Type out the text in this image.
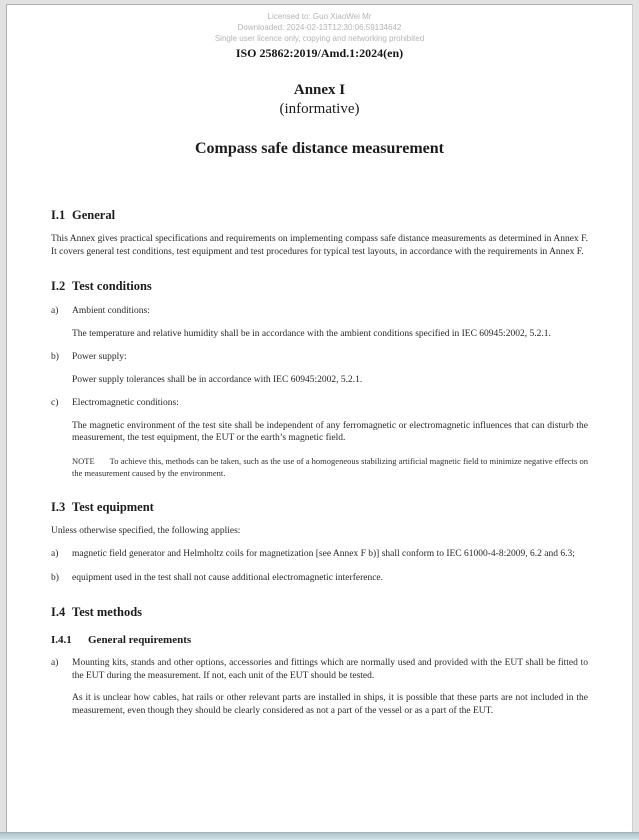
Licensed to: Guo XiaoWei Mr
Downloaded: 2024-02-13T12:30:06.59134642
Single user licence only, copying and networking prohibited
ISO 25862:2019/Amd.1:2024(en)
Annex I
(informative)
Compass safe distance measurement
I.1 General

This Annex gives practical specifications and requirements on implementing compass safe distance measurements as determined in Annex F. It covers general test conditions, test equipment and test procedures for typical test layouts, in accordance with the requirements in Annex F.

I.2 Test conditions
a)	Ambient conditions:

The temperature and relative humidity shall be in accordance with the ambient conditions specified in IEC 60945:2002, 5.2.1.

b)	Power supply:

Power supply tolerances shall be in accordance with IEC 60945:2002, 5.2.1.

c)	Electromagnetic conditions:

The magnetic environment of the test site shall be independent of any ferromagnetic or electromagnetic influences that can disturb the measurement, the test equipment, the EUT or the earth’s magnetic field.

NOTE To achieve this, methods can be taken, such as the use of a homogeneous stabilizing artificial magnetic field to minimize negative effects on the measurement caused by the environment.

I.3 Test equipment

Unless otherwise specified, the following applies:

a)	magnetic field generator and Helmholtz coils for magnetization [see Annex F b)] shall conform to IEC 61000-4-8:2009, 6.2 and 6.3;

b)	equipment used in the test shall not cause additional electromagnetic interference.

I.4 Test methods
I.4.1 General requirements
a)	Mounting kits, stands and other options, accessories and fittings which are normally used and provided with the EUT shall be fitted to the EUT during the measurement. If not, each unit of the EUT should be tested.

As it is unclear how cables, hat rails or other relevant parts are installed in ships, it is possible that these parts are not included in the measurement, even though they should be clearly considered as not a part of the vessel or as a part of the EUT.
